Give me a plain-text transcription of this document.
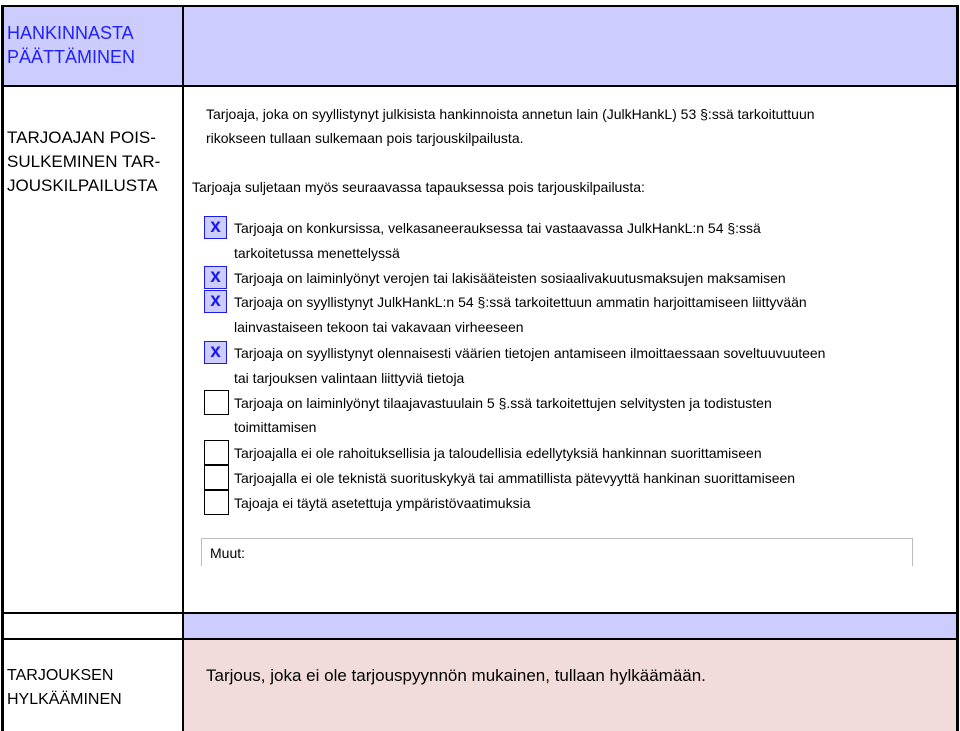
HANKINNASTA
PÄÄTTÄMINEN
TARJOAJAN POIS-
SULKEMINEN TAR-
JOUSKILPAILUSTA
Tarjoaja, joka on syyllistynyt julkisista hankinnoista annetun lain (JulkHankL) 53 §:ssä tarkoituttuun
rikokseen tullaan sulkemaan pois tarjouskilpailusta.
Tarjoaja suljetaan myös seuraavassa tapauksessa pois tarjouskilpailusta:
x Tarjoaja on konkursissa, velkasaneerauksessa tai vastaavassa JulkHankL:n 54 §:ssä
tarkoitetussa menettelyssä
x Tarjoaja on laiminlyönyt verojen tai lakisääteisten sosiaalivakuutusmaksujen maksamisen
x Tarjoaja on syyllistynyt JulkHankL:n 54 §:ssä tarkoitettuun ammatin harjoittamiseen liittyvään
lainvastaiseen tekoon tai vakavaan virheeseen
x Tarjoaja on syyllistynyt olennaisesti väärien tietojen antamiseen ilmoittaessaan soveltuuvuuteen
tai tarjouksen valintaan liittyviä tietoja
Tarjoaja on laiminlyönyt tilaajavastuulain 5 §.ssä tarkoitettujen selvitysten ja todistusten
toimittamisen
Tarjoajalla ei ole rahoituksellisia ja taloudellisia edellytyksiä hankinnan suorittamiseen
Tarjoajalla ei ole teknistä suorituskykyä tai ammatillista pätevyyttä hankinan suorittamiseen
Tajoaja ei täytä asetettuja ympäristövaatimuksia
Muut:
TARJOUKSEN
HYLKÄÄMINEN
Tarjous, joka ei ole tarjouspyynnön mukainen, tullaan hylkäämään.
